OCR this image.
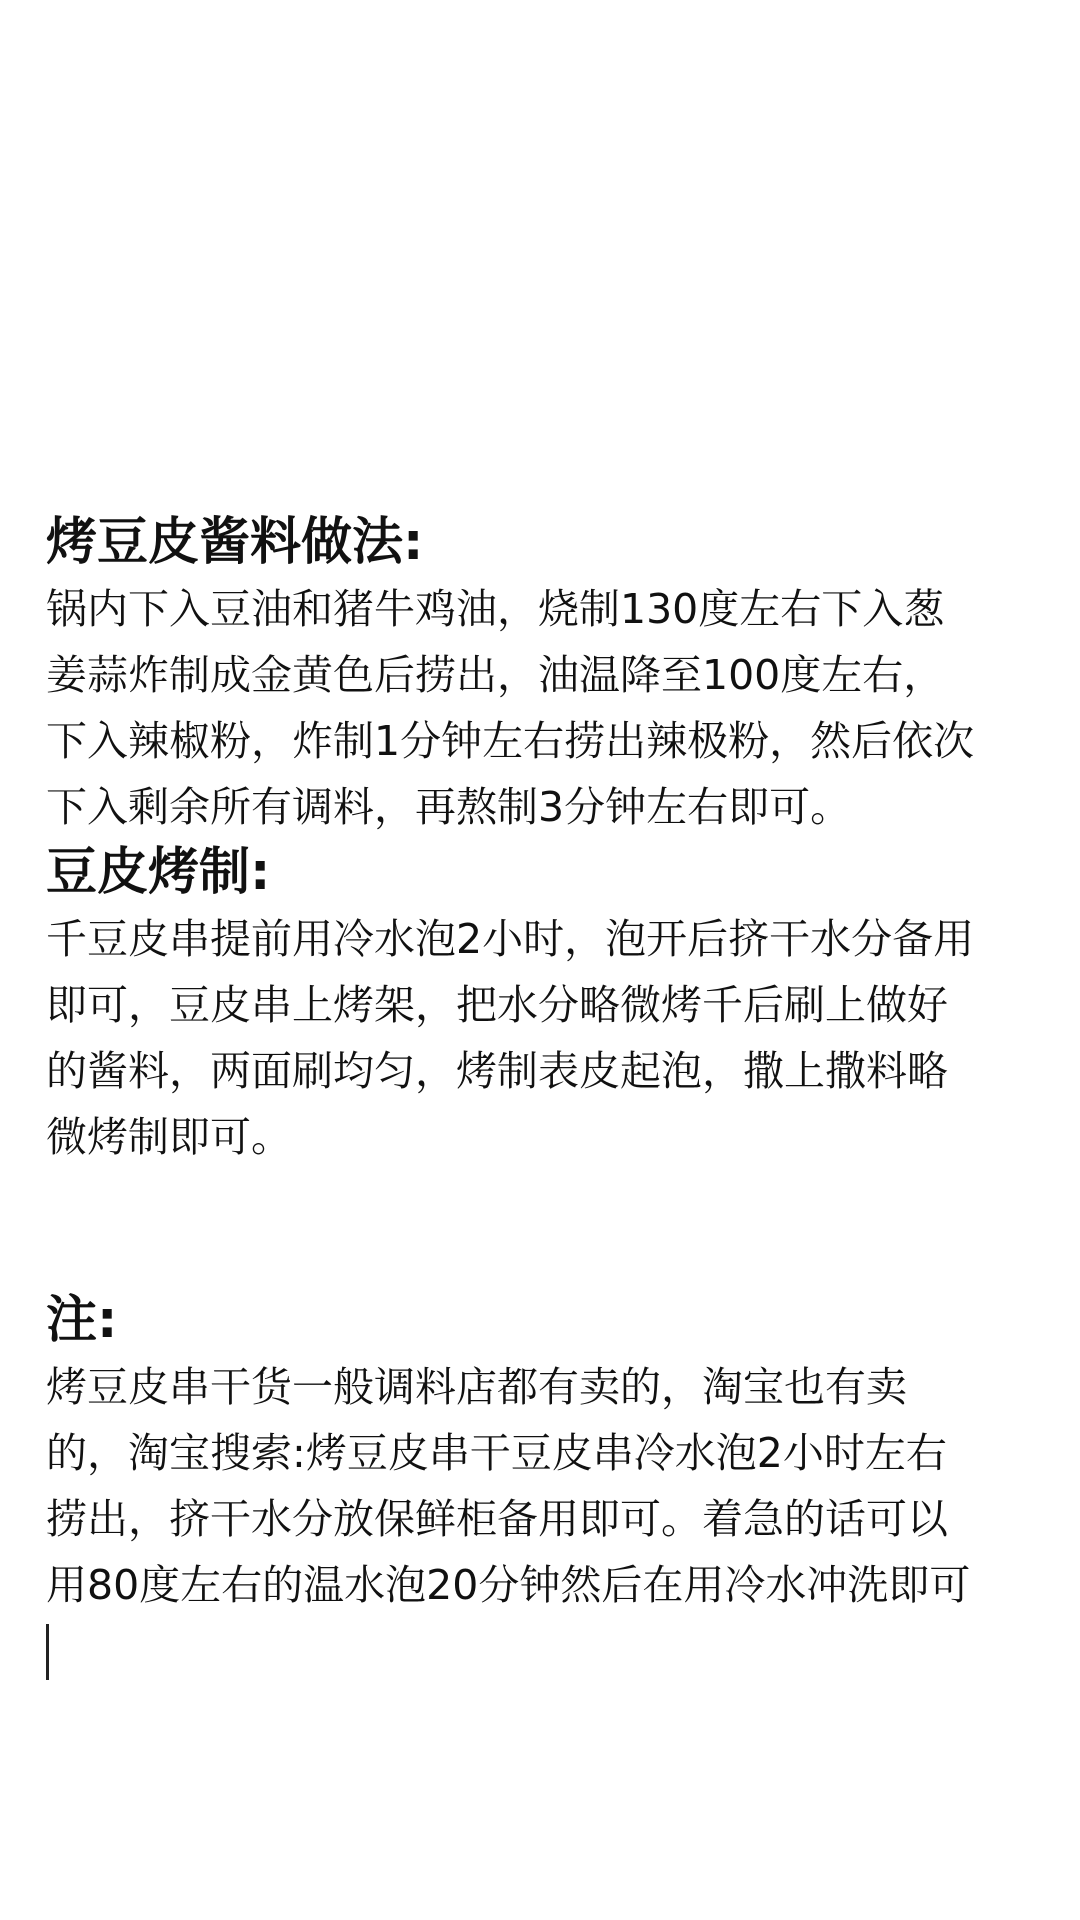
烤豆皮酱料做法:

锅内下入豆油和猪牛鸡油，烧制130度左右下入葱

姜蒜炸制成金黄色后捞出，油温降至100度左右，

下入辣椒粉，炸制1分钟左右捞出辣极粉，然后依次

下入剩余所有调料，再熬制3分钟左右即可。

豆皮烤制:

千豆皮串提前用冷水泡2小时，泡开后挤干水分备用

即可，豆皮串上烤架，把水分略微烤千后刷上做好

的酱料，两面刷均匀，烤制表皮起泡，撒上撒料略

微烤制即可。

注:

烤豆皮串干货一般调料店都有卖的，淘宝也有卖

的，淘宝搜索:烤豆皮串干豆皮串冷水泡2小时左右

捞出，挤干水分放保鲜柜备用即可。着急的话可以

用80度左右的温水泡20分钟然后在用冷水冲洗即可
